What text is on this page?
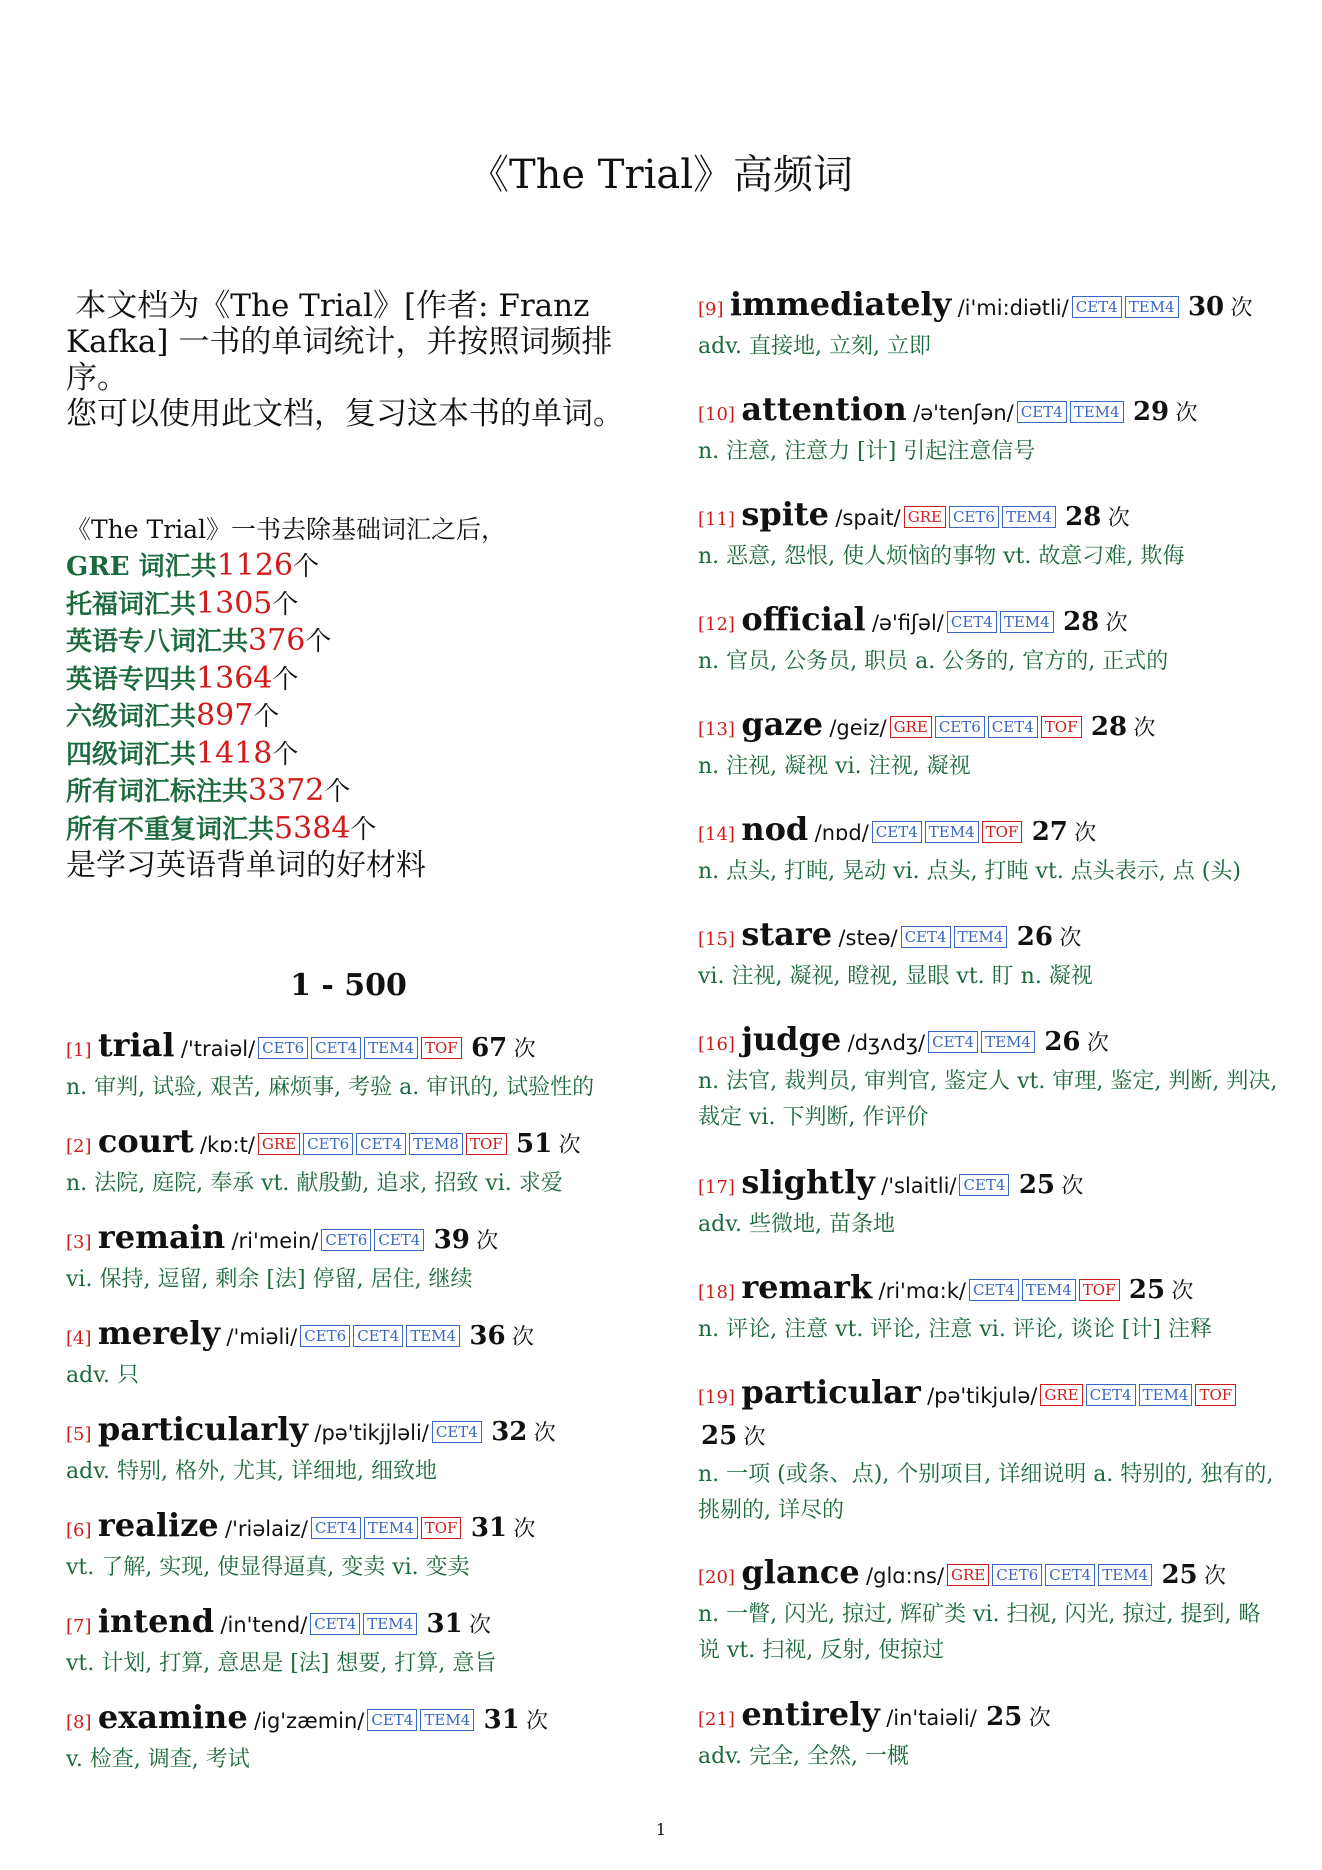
《The Trial》高频词

本文档为《The Trial》[作者: Franz Kafka] 一书的单词统计，并按照词频排序。

您可以使用此文档，复习这本书的单词。

《The Trial》一书去除基础词汇之后，
GRE 词汇共1126个
托福词汇共1305个
英语专八词汇共376个
英语专四共1364个
六级词汇共897个
四级词汇共1418个
所有词汇标注共3372个
所有不重复词汇共5384个
是学习英语背单词的好材料
1 - 500
[1] trial /'traiəl/ CET6 CET4 TEM4 TOF 67 次
n. 审判, 试验, 艰苦, 麻烦事, 考验 a. 审讯的, 试验性的
[2] court /kɒ:t/ GRE CET6 CET4 TEM8 TOF 51 次
n. 法院, 庭院, 奉承 vt. 献殷勤, 追求, 招致 vi. 求爱
[3] remain /ri'mein/ CET6 CET4 39 次
vi. 保持, 逗留, 剩余 [法] 停留, 居住, 继续
[4] merely /'miəli/ CET6 CET4 TEM4 36 次
adv. 只
[5] particularly /pə'tikjjləli/ CET4 32 次
adv. 特别, 格外, 尤其, 详细地, 细致地
[6] realize /'riəlaiz/ CET4 TEM4 TOF 31 次
vt. 了解, 实现, 使显得逼真, 变卖 vi. 变卖
[7] intend /in'tend/ CET4 TEM4 31 次
vt. 计划, 打算, 意思是 [法] 想要, 打算, 意旨
[8] examine /ig'zæmin/ CET4 TEM4 31 次
v. 检查, 调查, 考试
[9] immediately /i'mi:diətli/ CET4 TEM4 30 次
adv. 直接地, 立刻, 立即
[10] attention /ə'tenʃən/ CET4 TEM4 29 次
n. 注意, 注意力 [计] 引起注意信号
[11] spite /spait/ GRE CET6 TEM4 28 次
n. 恶意, 怨恨, 使人烦恼的事物 vt. 故意刁难, 欺侮
[12] official /ə'fiʃəl/ CET4 TEM4 28 次
n. 官员, 公务员, 职员 a. 公务的, 官方的, 正式的
[13] gaze /geiz/ GRE CET6 CET4 TOF 28 次
n. 注视, 凝视 vi. 注视, 凝视
[14] nod /nɒd/ CET4 TEM4 TOF 27 次
n. 点头, 打盹, 晃动 vi. 点头, 打盹 vt. 点头表示, 点 (头)
[15] stare /steə/ CET4 TEM4 26 次
vi. 注视, 凝视, 瞪视, 显眼 vt. 盯 n. 凝视
[16] judge /dʒʌdʒ/ CET4 TEM4 26 次
n. 法官, 裁判员, 审判官, 鉴定人 vt. 审理, 鉴定, 判断, 判决, 裁定 vi. 下判断, 作评价
[17] slightly /'slaitli/ CET4 25 次
adv. 些微地, 苗条地
[18] remark /ri'mɑ:k/ CET4 TEM4 TOF 25 次
n. 评论, 注意 vt. 评论, 注意 vi. 评论, 谈论 [计] 注释
[19] particular /pə'tikjulə/ GRE CET4 TEM4 TOF 25 次
n. 一项 (或条、点), 个别项目, 详细说明 a. 特别的, 独有的, 挑剔的, 详尽的
[20] glance /glɑ:ns/ GRE CET6 CET4 TEM4 25 次
n. 一瞥, 闪光, 掠过, 辉矿类 vi. 扫视, 闪光, 掠过, 提到, 略说 vt. 扫视, 反射, 使掠过
[21] entirely /in'taiəli/ 25 次
adv. 完全, 全然, 一概
1
